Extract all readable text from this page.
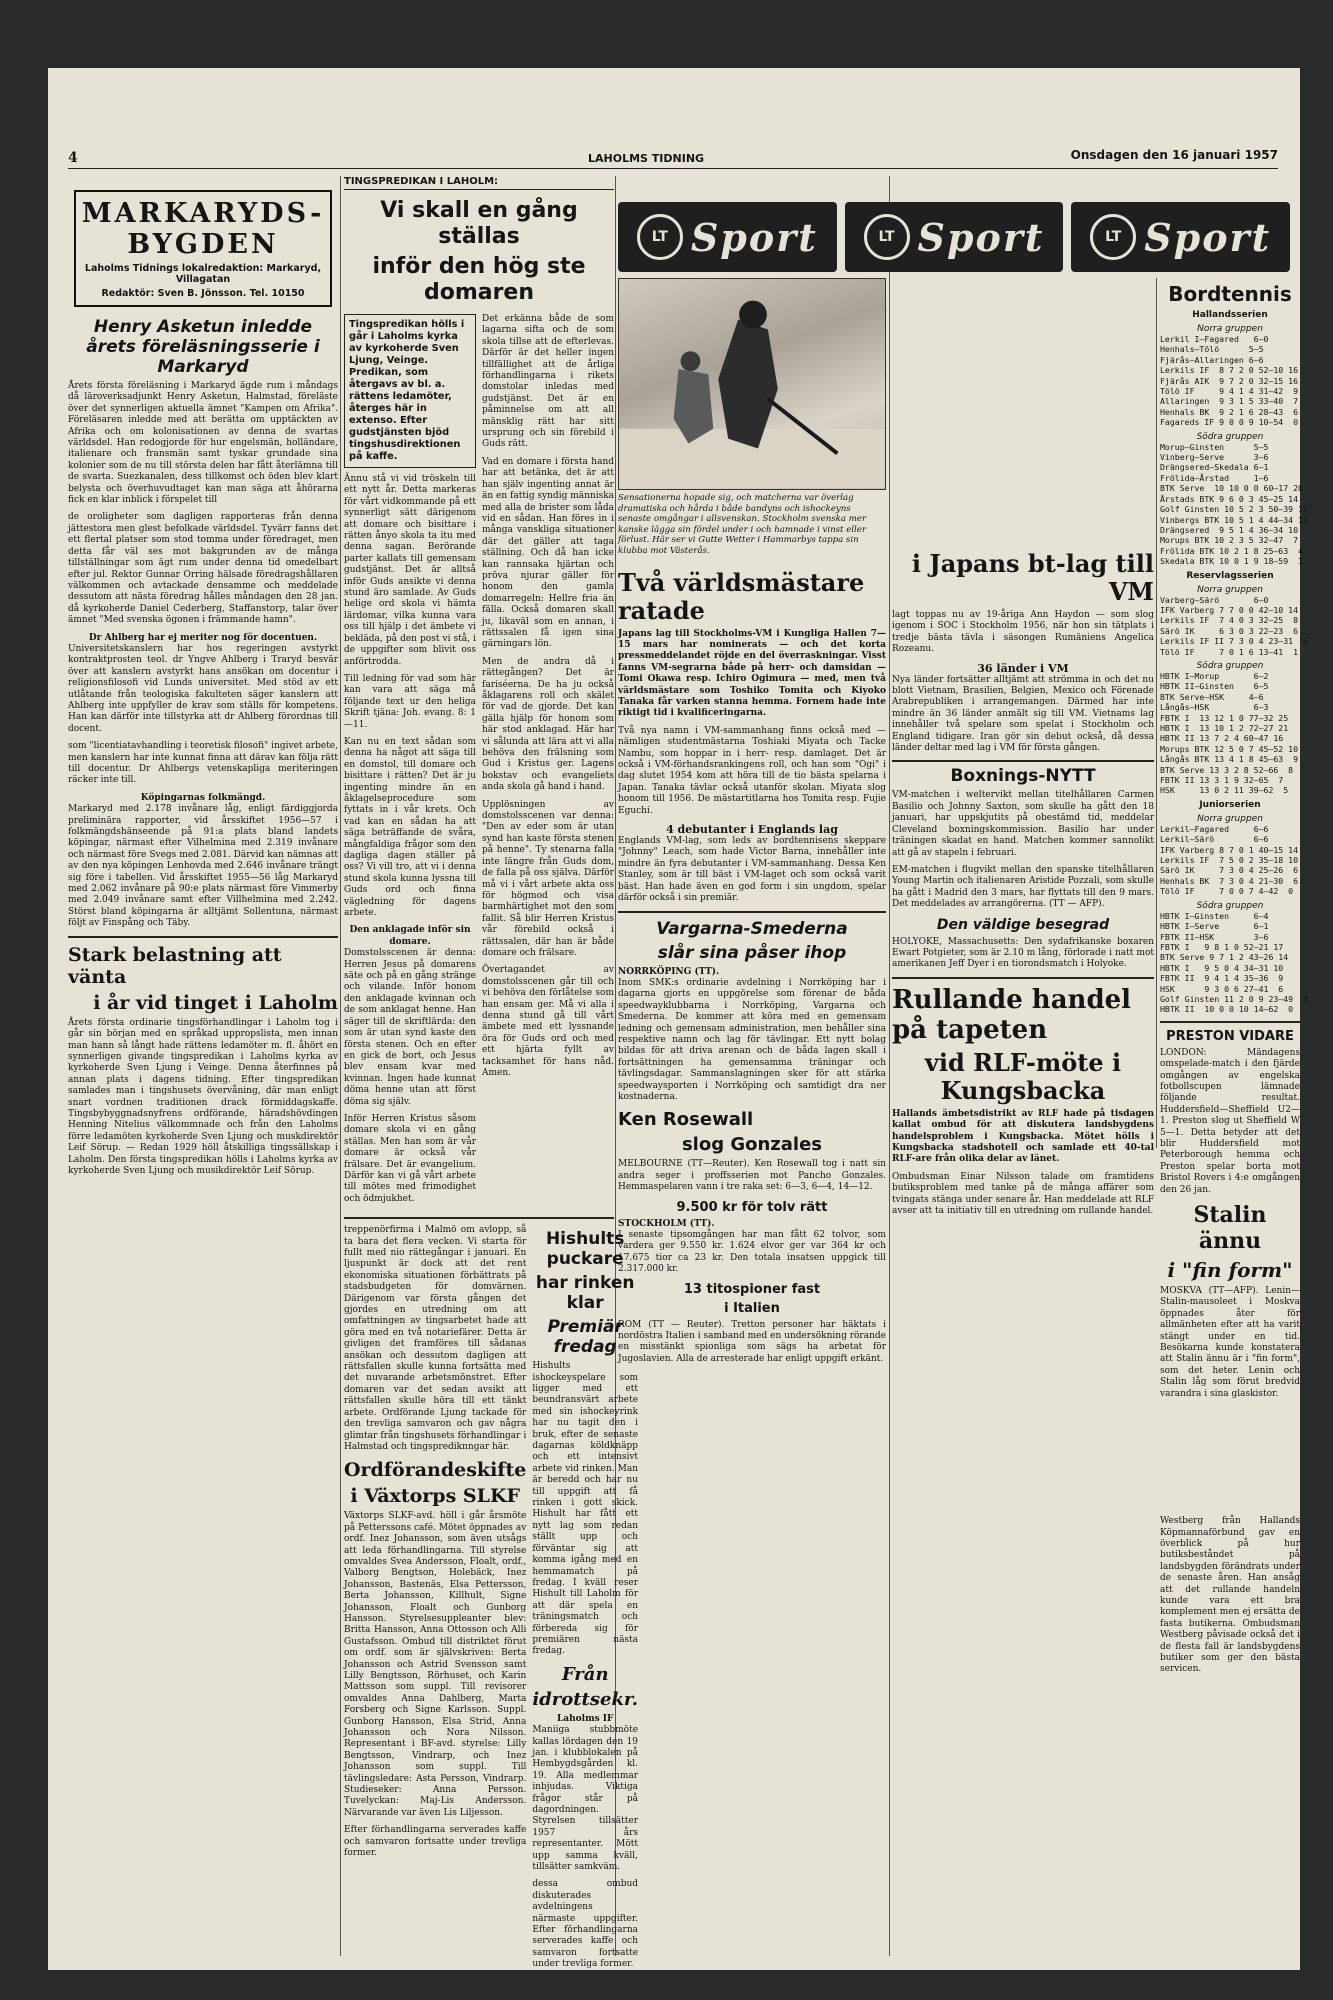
4	LAHOLMS TIDNING	Onsdagen den 16 januari 1957
MARKARYDS-BYGDEN
Laholms Tidnings lokalredaktion: Markaryd, Villagatan
Redaktör: Sven B. Jönsson. Tel. 10150
Henry Asketun inledde årets föreläsningsserie i Markaryd

Årets första föreläsning i Markaryd ägde rum i måndags då läroverksadjunkt Henry Asketun, Halmstad, föreläste över det synnerligen aktuella ämnet "Kampen om Afrika". Föreläsaren inledde med att berätta om upptäckten av Afrika och om kolonisationen av denna de svartas världsdel. Han redogjorde för hur engelsmän, holländare, italienare och fransmän samt tyskar grundade sina kolonier som de nu till största delen har fått återlämna till de svarta. Suezkanalen, dess tillkomst och öden blev klart belysta och överhuvudtaget kan man säga att åhörarna fick en klar inblick i förspelet till

de oroligheter som dagligen rapporteras från denna jättestora men glest befolkade världsdel. Tyvärr fanns det ett flertal platser som stod tomma under föredraget, men detta får väl ses mot bakgrunden av de många tillställningar som ägt rum under denna tid omedelbart efter jul. Rektor Gunnar Orring hälsade föredragshållaren välkommen och avtackade densamme och meddelade dessutom att nästa föredrag hålles måndagen den 28 jan. då kyrkoherde Daniel Cederberg, Staffanstorp, talar över ämnet "Med svenska ögonen i främmande hamn".

Dr Ahlberg har ej meriter nog för docentuen.

Universitetskanslern har hos regeringen avstyrkt kontraktprosten teol. dr Yngve Ahlberg i Traryd besvär över att kanslern avstyrkt hans ansökan om docentur i religionsfilosofi vid Lunds universitet. Med stöd av ett utlåtande från teologiska fakulteten säger kanslern att Ahlberg inte uppfyller de krav som ställs för kompetens. Han kan därför inte tillstyrka att dr Ahlberg förordnas till docent.

som "licentiatavhandling i teoretisk filosofi" ingivet arbete, men kanslern har inte kunnat finna att därav kan följa rätt till docentur. Dr Ahlbergs vetenskapliga meriteringen räcker inte till.

Köpingarnas folkmängd.

Markaryd med 2.178 invånare låg, enligt färdiggjorda preliminära rapporter, vid årsskiftet 1956—57 i folkmängdshänseende på 91:a plats bland landets köpingar, närmast efter Vilhelmina med 2.319 invånare och närmast före Svegs med 2.081. Därvid kan nämnas att av den nya köpingen Lenhovda med 2.646 invånare trängt sig före i tabellen. Vid årsskiftet 1955—56 låg Markaryd med 2.062 invånare på 90:e plats närmast före Vimmerby med 2.049 invånare samt efter Villhelmina med 2.242. Störst bland köpingarna är alltjämt Sollentuna, närmast följt av Finspång och Täby.

Stark belastning att vänta
i år vid tinget i Laholm

Årets första ordinarie tingsförhandlingar i Laholm tog i går sin början med en språkad uppropslista, men innan man hann så långt hade rättens ledamöter m. fl. åhört en synnerligen givande tingspredikan i Laholms kyrka av kyrkoherde Sven Ljung i Veinge. Denna återfinnes på annan plats i dagens tidning. Efter tingspredikan samlades man i tingshusets övervåning, där man enligt snart vordnen traditionen drack förmiddagskaffe. Tingsbybyggnadsnyfrens ordförande, häradshövdingen Henning Nitelius välkommnade och från den Laholms förre ledamöten kyrkoherde Sven Ljung och muskdirektör Leif Sörup. — Redan 1929 höll åtskilliga tingssällskap i Laholm. Den första tingspredikan hölls i Laholms kyrka av kyrkoherde Sven Ljung och musikdirektör Leif Sörup.

TINGSPREDIKAN I LAHOLM:
Vi skall en gång ställas
inför den hög ste domaren
Tingspredikan hölls i går i Laholms kyrka av kyrkoherde Sven Ljung, Veinge. Predikan, som återgavs av bl. a. rättens ledamöter, återges här in extenso. Efter gudstjänsten bjöd tingshusdirektionen på kaffe.

Ännu stå vi vid tröskeln till ett nytt år. Detta markeras för vårt vidkommande på ett synnerligt sätt därigenom att domare och bisittare i rätten ånyo skola ta itu med denna sagan. Berörande parter kallats till gemensam gudstjänst. Det är alltså inför Guds ansikte vi denna stund äro samlade. Av Guds helige ord skola vi hämta lärdomar, vilka kunna vara oss till hjälp i det ämbete vi bekläda, på den post vi stå, i de uppgifter som blivit oss anförtrodda.

Till ledning för vad som här kan vara att säga må följande text ur den heliga Skrift tjäna: Joh. evang. 8: 1—11.

Kan nu en text sådan som denna ha något att säga till en domstol, till domare och bisittare i rätten? Det är ju ingenting mindre än en åklagelseprocedure som fyttats in i vår krets. Och vad kan en sådan ha att säga beträffande de svåra, mångfaldiga frågor som den dagliga dagen ställer på oss? Vi vill tro, att vi i denna stund skola kunna lyssna till Guds ord och finna vägledning för dagens arbete.

Den anklagade inför sin domare.

Domstolsscenen är denna: Herren Jesus på domarens säte och på en gång stränge och vilande. Inför honom den anklagade kvinnan och de som anklagat henne. Han säger till de skriftlärda: den som är utan synd kaste den första stenen. Och en efter en gick de bort, och Jesus blev ensam kvar med kvinnan. Ingen hade kunnat döma henne utan att först döma sig själv.

Inför Herren Kristus såsom domare skola vi en gång ställas. Men han som är vår domare är också vår frälsare. Det är evangelium. Därför kan vi gå vårt arbete till mötes med frimodighet och ödmjukhet.

Det erkänna både de som lagarna sifta och de som skola tillse att de efterlevas. Därför är det heller ingen tillfällighet att de årliga förhandlingarna i rikets domstolar inledas med gudstjänst. Det är en påminnelse om att all mänsklig rätt har sitt ursprung och sin förebild i Guds rätt.

Vad en domare i första hand har att betänka, det är att han själv ingenting annat är än en fattig syndig människa med alla de brister som låda vid en sådan. Han föres in i många vanskliga situationer där det gäller att taga ställning. Och då han icke kan rannsaka hjärtan och pröva njurar gäller för honom den gamla domarregeln: Hellre fria än fälla. Också domaren skall ju, likaväl som en annan, i rättssalen få igen sina gärningars lön.

Men de andra då i rättegången? Det är fariséerna. De ha ju också åklagarens roll och skälet för vad de gjorde. Det kan gälla hjälp för honom som här stod anklagad. Här har vi sålunda att lära att vi alla behöva den frälsning som Gud i Kristus ger. Lagens bokstav och evangeliets anda skola gå hand i hand.

Upplösningen av domstolsscenen var denna: "Den av eder som är utan synd han kaste första stenen på henne". Ty stenarna falla inte längre från Guds dom, de falla på oss själva. Därför må vi i vårt arbete akta oss för högmod och visa barmhärtighet mot den som fallit. Så blir Herren Kristus vår förebild också i rättssalen, där han är både domare och frälsare.

Övertagandet av domstolsscenen går till och vi behöva den förlåtelse som han ensam ger. Må vi alla i denna stund gå till vårt ämbete med ett lyssnande öra för Guds ord och med ett hjärta fyllt av tacksamhet för hans nåd. Amen.

treppenörfirma i Malmö om avlopp, så ta bara det flera vecken. Vi starta för fullt med nio rättegångar i januari. En ljuspunkt är dock att det rent ekonomiska situationen förbättrats på stadsbudgeten för domvärnen. Därigenom var första gången det gjordes en utredning om att omfattningen av tingsarbetet hade att göra med en två notariefärer. Detta är givligen det framföres till sådanas ansökan och dessutom dagligen att rättsfallen skulle kunna fortsätta med det nuvarande arbetsmönstret. Efter domaren var det sedan avsikt att rättsfallen skulle höra till ett tänkt arbete. Ordförande Ljung tackade för den trevliga samvaron och gav några glimtar från tingshusets förhandlingar i Halmstad och tingsprediknngar här.

Ordförandeskifte
i Växtorps SLKF

Växtorps SLKF-avd. höll i går årsmöte på Petterssons café. Mötet öppnades av ordf. Inez Johansson, som även utsågs att leda förhandlingarna. Till styrelse omvaldes Svea Andersson, Floalt, ordf., Valborg Bengtson, Holebäck, Inez Johansson, Bastenäs, Elsa Pettersson, Berta Johansson, Killhult, Signe Johansson, Floalt och Gunborg Hansson. Styrelsesuppleanter blev: Britta Hansson, Anna Ottosson och Alli Gustafsson. Ombud till distriktet förut om ordf. som är självskriven: Berta Johansson och Astrid Svensson samt Lilly Bengtsson, Rörhuset, och Karin Mattsson som suppl. Till revisorer omvaldes Anna Dahlberg, Marta Forsberg och Signe Karlsson. Suppl. Gunborg Hansson, Elsa Strid, Anna Johansson och Nora Nilsson. Representant i BF-avd. styrelse: Lilly Bengtsson, Vindrarp, och Inez Johansson som suppl. Till tävlingsledare: Asta Persson, Vindrarp. Studieseker: Anna Persson. Tuvelyckan: Maj-Lis Andersson. Närvarande var även Lis Liljesson.

Efter förhandlingarna serverades kaffe och samvaron fortsatte under trevliga former.

Hishults puckare
har rinken klar
Premiär fredag

Hishults ishockeyspelare som ligger med ett beundransvärt arbete med sin ishockeyrink har nu tagit den i bruk, efter de senaste dagarnas köldknäpp och ett intensivt arbete vid rinken. Man är beredd och har nu till uppgift att få rinken i gott skick. Hishult har fått ett nytt lag som redan ställt upp och förväntar sig att komma igång med en hemmamatch på fredag. I kväll reser Hishult till Laholm för att där spela en träningsmatch och förbereda sig för premiären nästa fredag.

Från
idrottsekr.
Laholms IF

Maniiga stubbmöte kallas lördagen den 19 jan. i klubblokalen på Hembygdsgården kl. 19. Alla medlemmar inbjudas. Viktiga frågor står på dagordningen. Styrelsen tillsätter 1957 års representanter. Mött upp samma kväll, tillsätter samkväm.

dessa ombud diskuterades avdelningens närmaste uppgifter. Efter förhandlingarna serverades kaffe och samvaron fortsatte under trevliga former.

LT Sport	LT Sport	LT Sport

Sensationerna hopade sig, och matcherna var överlag dramatiska och hårda i både bandyns och ishockeyns senaste omgångar i allsvenskan. Stockholm svenska mer kanske lägga sin fördel under i och hamnade i vinst eller förlust. Här ser vi Gutte Wetter i Hammarbys tappa sin klubba mot Västerås.

Två världsmästare ratade

Japans lag till Stockholms-VM i Kungliga Hallen 7—15 mars har nominerats — och det korta pressmeddelandet röjde en del överraskningar. Visst fanns VM-segrarna både på herr- och damsidan — Tomi Okawa resp. Ichiro Ogimura — med, men två världsmästare som Toshiko Tomita och Kiyoko Tanaka får varken stanna hemma. Fornem hade inte riktigt tid i kvalificeringarna.

Två nya namn i VM-sammanhang finns också med — nämligen studentmästarna Toshiaki Miyata och Tacke Nambu, som hoppar in i herr- resp. damlaget. Det är också i VM-förhandsrankingens roll, och han som "Ogi" i dag slutet 1954 kom att höra till de tio bästa spelarna i Japan. Tanaka tävlar också utanför skolan. Miyata slog honom till 1956. De mästartitlarna hos Tomita resp. Fujie Eguchi.

4 debutanter i Englands lag

Englands VM-lag, som leds av bordtennisens skeppare "Johnny" Leach, som hade Victor Barna, innehåller inte mindre än fyra debutanter i VM-sammanhang. Dessa Ken Stanley, som är till bäst i VM-laget och som också varit bäst. Han hade även en god form i sin ungdom, spelar därför också i sin premiär.

Vargarna-Smederna
slår sina påser ihop
NORRKÖPING (TT).

Inom SMK:s ordinarie avdelning i Norrköping har i dagarna gjorts en uppgörelse som förenar de båda speedwayklubbarna i Norrköping, Vargarna och Smederna. De kommer att köra med en gemensam ledning och gemensam administration, men behåller sina respektive namn och lag för tävlingar. Ett nytt bolag bildas för att driva arenan och de båda lagen skall i fortsättningen ha gemensamma träningar och tävlingsdagar. Sammanslagningen sker för att stärka speedwaysporten i Norrköping och samtidigt dra ner kostnaderna.

Ken Rosewall
slog Gonzales

MELBOURNE (TT—Reuter). Ken Rosewall tog i natt sin andra seger i proffsserien mot Pancho Gonzales. Hemmaspelaren vann i tre raka set: 6—3, 6—4, 14—12.

9.500 kr för tolv rätt
STOCKHOLM (TT).

I senaste tipsomgången har man fått 62 tolvor, som vardera ger 9.550 kr. 1.624 elvor ger var 364 kr och 17.675 tior ca 23 kr. Den totala insatsen uppgick till 2.317.000 kr.

13 titospioner fast
i Italien

ROM (TT — Reuter). Tretton personer har häktats i nordöstra Italien i samband med en undersökning rörande en misstänkt spionliga som sägs ha arbetat för Jugoslavien. Alla de arresterade har enligt uppgift erkänt.

i Japans bt-lag till VM

lagt toppas nu av 19-åriga Ann Haydon — som slog igenom i SOC i Stockholm 1956, när hon sin tätplats i tredje bästa tävla i säsongen Rumäniens Angelica Rozeanu.

36 länder i VM

Nya länder fortsätter alltjämt att strömma in och det nu blott Vietnam, Brasilien, Belgien, Mexico och Förenade Arabrepubliken i arrangemangen. Därmed har inte mindre än 36 länder anmält sig till VM. Vietnams lag innehåller två spelare som spelat i Stockholm och England tidigare. Iran gör sin debut också, då dessa länder deltar med lag i VM för första gången.

Boxnings-NYTT

VM-matchen i weltervikt mellan titelhållaren Carmen Basilio och Johnny Saxton, som skulle ha gått den 18 januari, har uppskjutits på obestämd tid, meddelar Cleveland boxningskommission. Basilio har under träningen skadat en hand. Matchen kommer sannolikt att gå av stapeln i februari.

EM-matchen i flugvikt mellan den spanske titelhållaren Young Martin och italienaren Aristide Pozzali, som skulle ha gått i Madrid den 3 mars, har flyttats till den 9 mars. Det meddelades av arrangörerna. (TT — AFP).

Den väldige besegrad

HOLYOKE, Massachusetts: Den sydafrikanske boxaren Ewart Potgieter, som är 2.10 m lång, förlorade i natt mot amerikanen Jeff Dyer i en tiorondsmatch i Holyoke.

Rullande handel på tapeten
vid RLF-möte i Kungsbacka

Hallands ämbetsdistrikt av RLF hade på tisdagen kallat ombud för att diskutera landsbygdens handelsproblem i Kungsbacka. Mötet hölls i Kungsbacka stadshotell och samlade ett 40-tal RLF-are från olika delar av länet.

Ombudsman Einar Nilsson talade om framtidens butiksproblem med tanke på de många affärer som tvingats stänga under senare år. Han meddelade att RLF avser att ta initiativ till en utredning om rullande handel.

Bordtennis
Hallandsserien
Norra gruppen
Lerkil I—Fagared   6—0
Henhals—Tölö      5—5
Fjärås—Allaringen 6—6
Lerkils IF  8 7 2 0 52—10 16
Fjärås AIK  9 7 2 0 32—15 16
Tölö IF     9 4 1 4 31—42  9
Allaringen  9 3 1 5 33—40  7
Henhals BK  9 2 1 6 28—43  6
Fagareds IF 9 0 0 9 10—54  0
Södra gruppen
Morup—Ginsten      5—5
Vinberg—Serve      3—6
Drängsered—Skedala 6—1
Frölida—Årstad     1—6
BTK Serve  10 10 0 0 60—17 20
Årstads BTK 9 6 0 3 45—25 14
Golf Ginsten 10 5 2 3 50—39 12
Vinbergs BTK 10 5 1 4 44—34 11
Drängsered  9 5 1 4 36—34 10
Morups BTK 10 2 3 5 32—47  7
Frölida BTK 10 2 1 8 25—63  4
Skedala BTK 10 0 1 9 18—59  1
Reservlagsserien
Norra gruppen
Varberg—Särö       6—0
IFK Varberg 7 7 0 0 42—10 14
Lerkils IF  7 4 0 3 32—25  8
Särö IK     6 3 0 3 22—23  6
Lerkils IF II 7 3 0 4 23—31  6
Tölö IF     7 0 1 6 13—41  1
Södra gruppen
HBTK I—Morup       6—2
HBTK II—Ginsten    6—5
BTK Serve—HSK     4—6
Långås—HSK         6—3
FBTK I  13 12 1 0 77—32 25
HBTK I  13 10 1 2 72—27 21
HBTK II 13 7 2 4 60—47 16
Morups BTK 12 5 0 7 45—52 10
Långås BTK 13 4 1 8 45—63  9
BTK Serve 13 3 2 8 52—66  8
FBTK II 13 3 1 9 32—65  7
HSK     13 0 2 11 39—62  5
Juniorserien
Norra gruppen
Lerkil—Fagared     6—6
Lerkil—Särö        6—6
IFK Varberg 8 7 0 1 40—15 14
Lerkils IF  7 5 0 2 35—18 10
Särö IK     7 3 0 4 25—26  6
Henhals BK  7 3 0 4 21—30  6
Tölö IF     7 0 0 7 4—42  0
Södra gruppen
HBTK I—Ginsten     6—4
HBTK I—Serve       6—1
FBTK II—HSK        3—6
FBTK I   9 8 1 0 52—21 17
BTK Serve 9 7 1 2 43—26 14
HBTK I   9 5 0 4 34—31 10
FBTK II  9 4 1 4 35—36  9
HSK      9 3 0 6 27—41  6
Golf Ginsten 11 2 0 9 23—49  4
HBTK II  10 0 0 10 14—62  0
PRESTON VIDARE

LONDON: Mändagens omspelade-match i den fjärde omgången av engelska fotbollscupen lämnade följande resultat. Huddersfield—Sheffield U2—1. Preston slog ut Sheffield W 5—1. Detta betyder att det blir Huddersfield mot Peterborough hemma och Preston spelar borta mot Bristol Rovers i 4:e omgången den 26 jan.

Stalin ännu
i "fin form"

MOSKVA (TT—AFP). Lenin—Stalin-mausoleet i Moskva öppnades åter för allmänheten efter att ha varit stängt under en tid. Besökarna kunde konstatera att Stalin ännu är i "fin form", som det heter. Lenin och Stalin låg som förut bredvid varandra i sina glaskistor.

Westberg från Hallands Köpmannaförbund gav en överblick på hur butiksbeståndet på landsbygden förändrats under de senaste åren. Han ansåg att det rullande handeln kunde vara ett bra komplement men ej ersätta de fasta butikerna. Ombudsman Westberg påvisade också det i de flesta fall är landsbygdens butiker som ger den bästa servicen.
